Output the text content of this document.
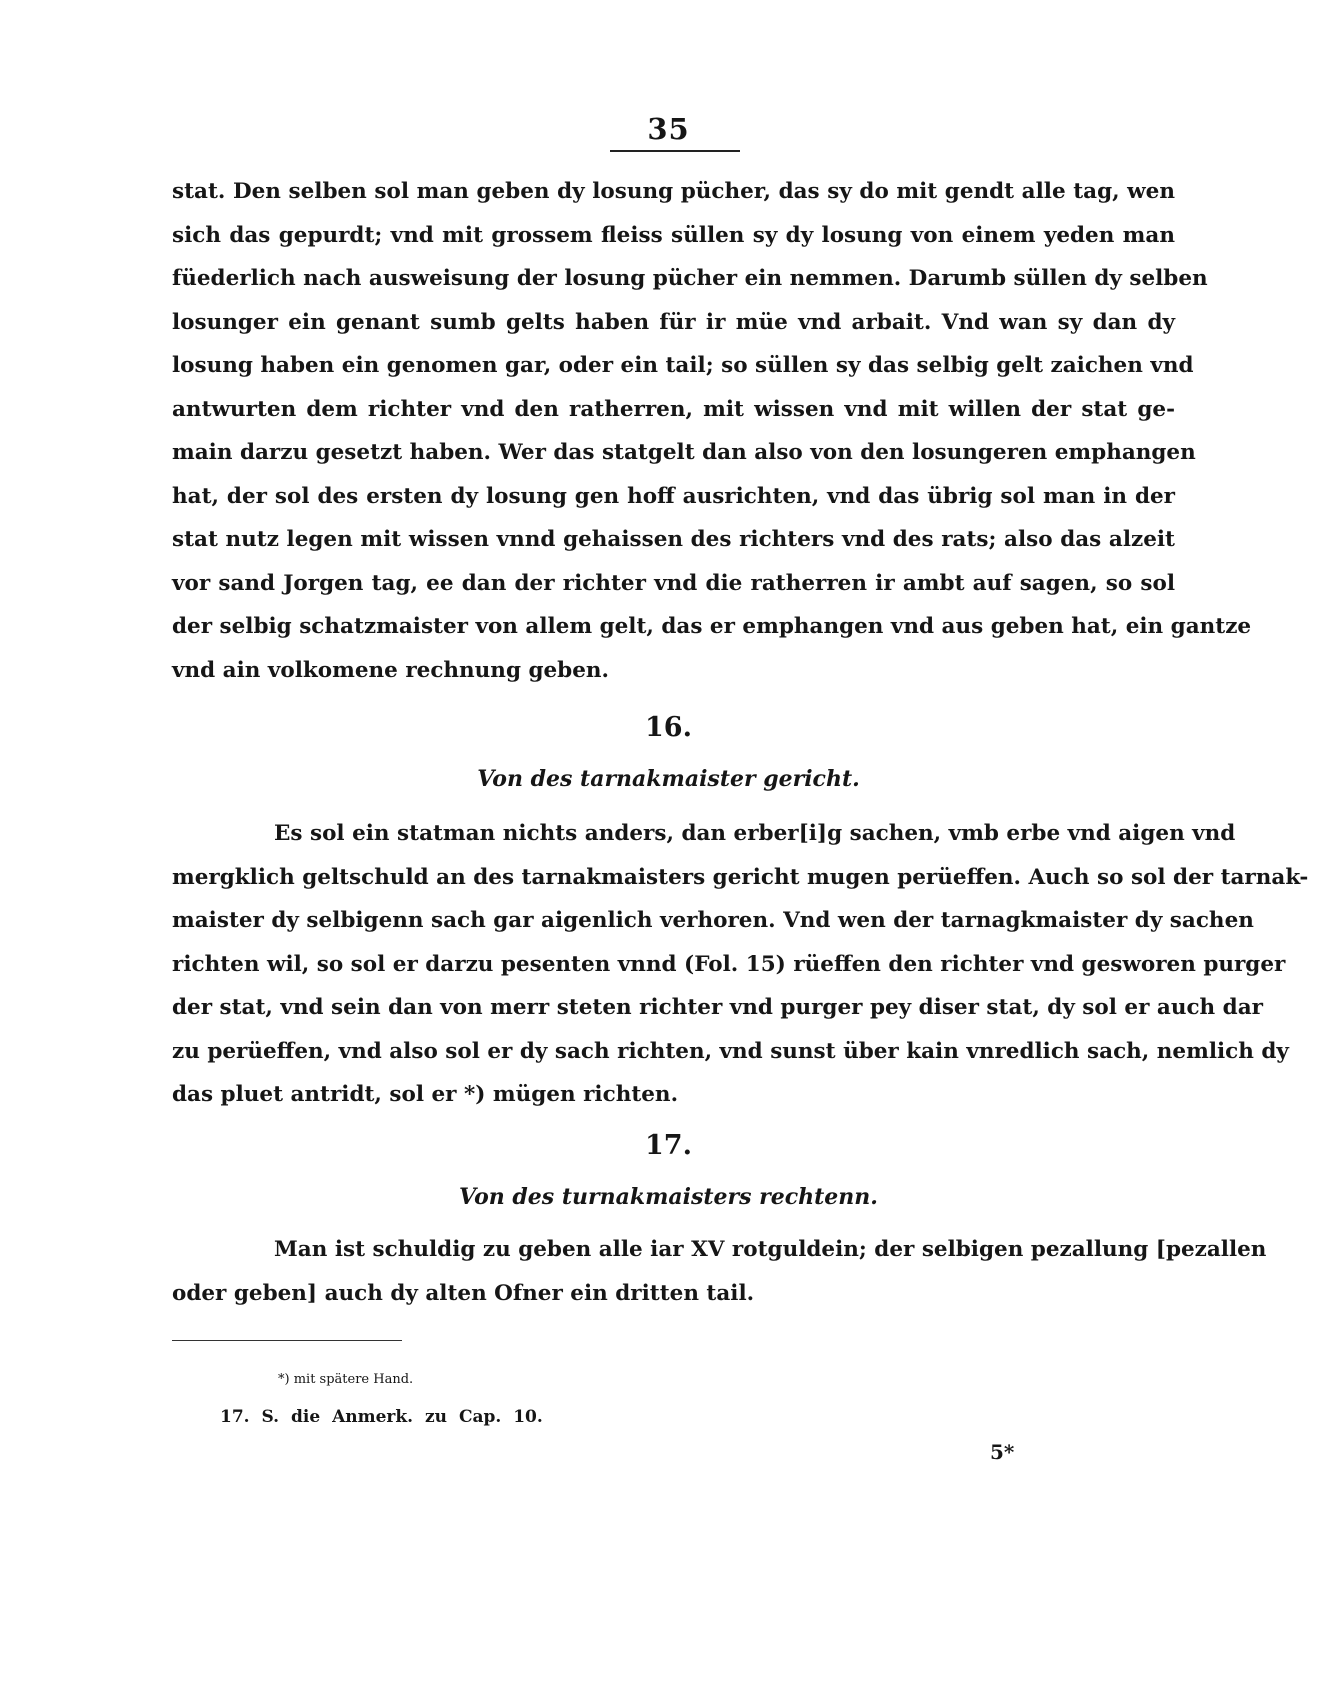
35
stat. Den selben sol man geben dy losung pücher, das sy do mit gendt alle tag, wen
sich das gepurdt; vnd mit grossem fleiss süllen sy dy losung von einem yeden man
füederlich nach ausweisung der losung pücher ein nemmen. Darumb süllen dy selben
losunger ein genant sumb gelts haben für ir müe vnd arbait. Vnd wan sy dan dy
losung haben ein genomen gar, oder ein tail; so süllen sy das selbig gelt zaichen vnd
antwurten dem richter vnd den ratherren, mit wissen vnd mit willen der stat ge-
main darzu gesetzt haben. Wer das statgelt dan also von den losungeren emphangen
hat, der sol des ersten dy losung gen hoff ausrichten, vnd das übrig sol man in der
stat nutz legen mit wissen vnnd gehaissen des richters vnd des rats; also das alzeit
vor sand Jorgen tag, ee dan der richter vnd die ratherren ir ambt auf sagen, so sol
der selbig schatzmaister von allem gelt, das er emphangen vnd aus geben hat, ein gantze
vnd ain volkomene rechnung geben.
16.
Von des tarnakmaister gericht.
Es sol ein statman nichts anders, dan erber[i]g sachen, vmb erbe vnd aigen vnd
mergklich geltschuld an des tarnakmaisters gericht mugen perüeffen. Auch so sol der tarnak-
maister dy selbigenn sach gar aigenlich verhoren. Vnd wen der tarnagkmaister dy sachen
richten wil, so sol er darzu pesenten vnnd (Fol. 15) rüeffen den richter vnd gesworen purger
der stat, vnd sein dan von merr steten richter vnd purger pey diser stat, dy sol er auch dar
zu perüeffen, vnd also sol er dy sach richten, vnd sunst über kain vnredlich sach, nemlich dy
das pluet antridt, sol er *) mügen richten.
17.
Von des turnakmaisters rechtenn.
Man ist schuldig zu geben alle iar XV rotguldein; der selbigen pezallung [pezallen
oder geben] auch dy alten Ofner ein dritten tail.
*) mit spätere Hand.
17. S. die Anmerk. zu Cap. 10.
5*
